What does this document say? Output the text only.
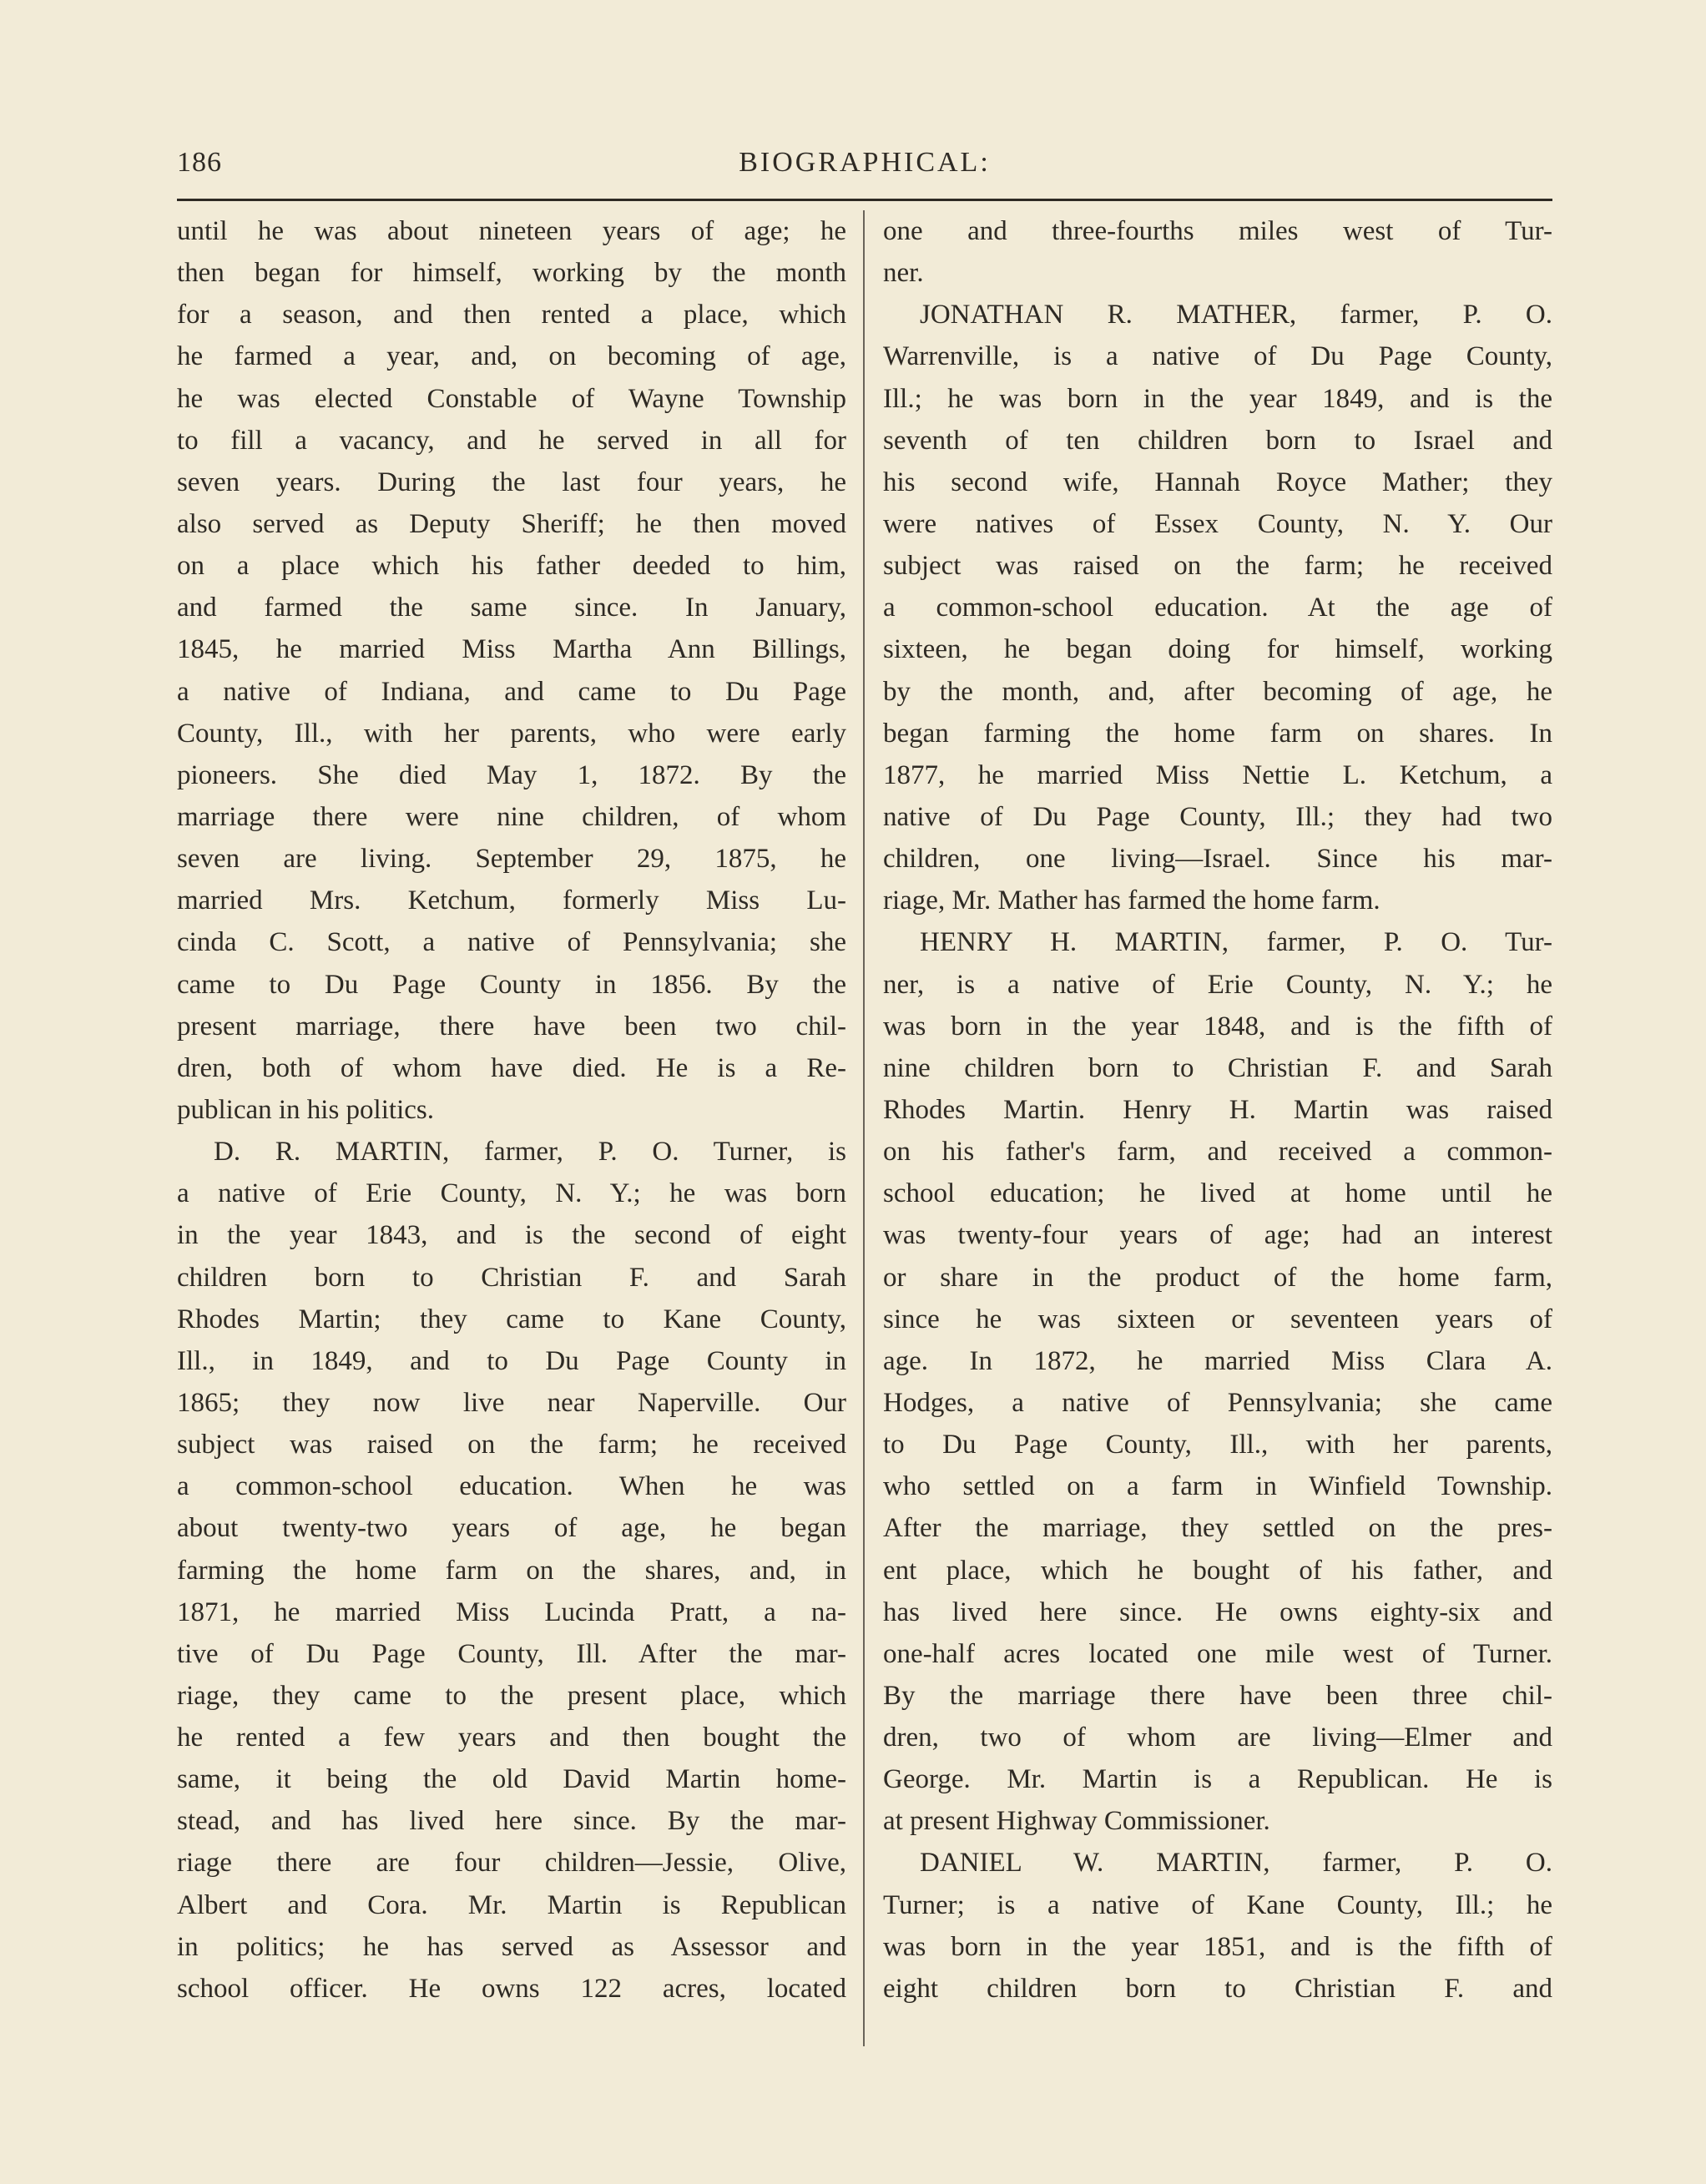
186	BIOGRAPHICAL:
until he was about nineteen years of age; he
then began for himself, working by the month
for a season, and then rented a place, which
he farmed a year, and, on becoming of age,
he was elected Constable of Wayne Township
to fill a vacancy, and he served in all for
seven years. During the last four years, he
also served as Deputy Sheriff; he then moved
on a place which his father deeded to him,
and farmed the same since. In January,
1845, he married Miss Martha Ann Billings,
a native of Indiana, and came to Du Page
County, Ill., with her parents, who were early
pioneers. She died May 1, 1872. By the
marriage there were nine children, of whom
seven are living. September 29, 1875, he
married Mrs. Ketchum, formerly Miss Lu-
cinda C. Scott, a native of Pennsylvania; she
came to Du Page County in 1856. By the
present marriage, there have been two chil-
dren, both of whom have died. He is a Re-
publican in his politics.
D. R. MARTIN, farmer, P. O. Turner, is
a native of Erie County, N. Y.; he was born
in the year 1843, and is the second of eight
children born to Christian F. and Sarah
Rhodes Martin; they came to Kane County,
Ill., in 1849, and to Du Page County in
1865; they now live near Naperville. Our
subject was raised on the farm; he received
a common-school education. When he was
about twenty-two years of age, he began
farming the home farm on the shares, and, in
1871, he married Miss Lucinda Pratt, a na-
tive of Du Page County, Ill. After the mar-
riage, they came to the present place, which
he rented a few years and then bought the
same, it being the old David Martin home-
stead, and has lived here since. By the mar-
riage there are four children—Jessie, Olive,
Albert and Cora. Mr. Martin is Republican
in politics; he has served as Assessor and
school officer. He owns 122 acres, located
one and three-fourths miles west of Tur-
ner.
JONATHAN R. MATHER, farmer, P. O.
Warrenville, is a native of Du Page County,
Ill.; he was born in the year 1849, and is the
seventh of ten children born to Israel and
his second wife, Hannah Royce Mather; they
were natives of Essex County, N. Y. Our
subject was raised on the farm; he received
a common-school education. At the age of
sixteen, he began doing for himself, working
by the month, and, after becoming of age, he
began farming the home farm on shares. In
1877, he married Miss Nettie L. Ketchum, a
native of Du Page County, Ill.; they had two
children, one living—Israel. Since his mar-
riage, Mr. Mather has farmed the home farm.
HENRY H. MARTIN, farmer, P. O. Tur-
ner, is a native of Erie County, N. Y.; he
was born in the year 1848, and is the fifth of
nine children born to Christian F. and Sarah
Rhodes Martin. Henry H. Martin was raised
on his father's farm, and received a common-
school education; he lived at home until he
was twenty-four years of age; had an interest
or share in the product of the home farm,
since he was sixteen or seventeen years of
age. In 1872, he married Miss Clara A.
Hodges, a native of Pennsylvania; she came
to Du Page County, Ill., with her parents,
who settled on a farm in Winfield Township.
After the marriage, they settled on the pres-
ent place, which he bought of his father, and
has lived here since. He owns eighty-six and
one-half acres located one mile west of Turner.
By the marriage there have been three chil-
dren, two of whom are living—Elmer and
George. Mr. Martin is a Republican. He is
at present Highway Commissioner.
DANIEL W. MARTIN, farmer, P. O.
Turner; is a native of Kane County, Ill.; he
was born in the year 1851, and is the fifth of
eight children born to Christian F. and
